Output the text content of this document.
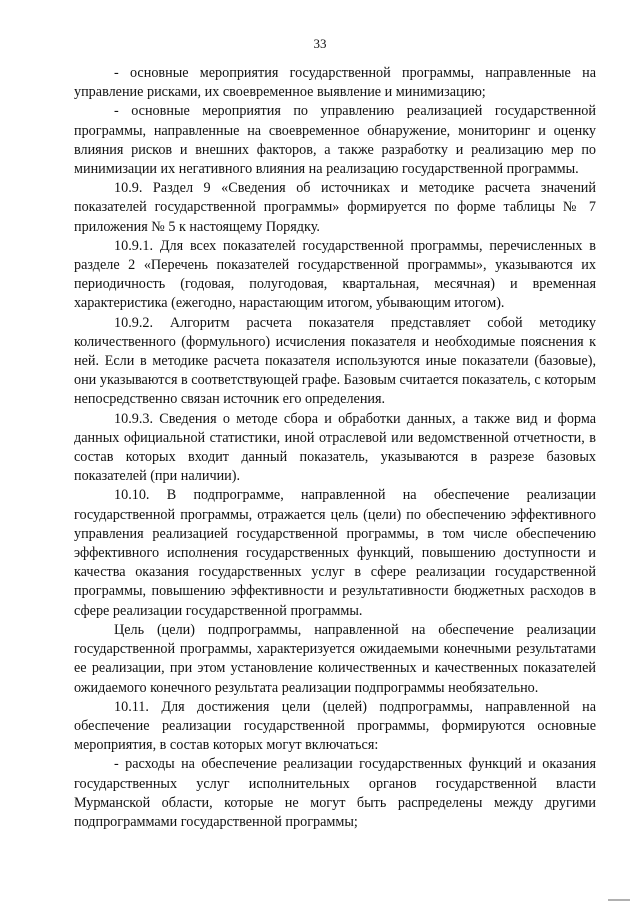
33

- основные мероприятия государственной программы, направленные на управление рисками, их своевременное выявление и минимизацию;

- основные мероприятия по управлению реализацией государственной программы, направленные на своевременное обнаружение, мониторинг и оценку влияния рисков и внешних факторов, а также разработку и реализацию мер по минимизации их негативного влияния на реализацию государственной программы.

10.9. Раздел 9 «Сведения об источниках и методике расчета значений показателей государственной программы» формируется по форме таблицы № 7 приложения № 5 к настоящему Порядку.

10.9.1. Для всех показателей государственной программы, перечисленных в разделе 2 «Перечень показателей государственной программы», указываются их периодичность (годовая, полугодовая, квартальная, месячная) и временная характеристика (ежегодно, нарастающим итогом, убывающим итогом).

10.9.2. Алгоритм расчета показателя представляет собой методику количественного (формульного) исчисления показателя и необходимые пояснения к ней. Если в методике расчета показателя используются иные показатели (базовые), они указываются в соответствующей графе. Базовым считается показатель, с которым непосредственно связан источник его определения.

10.9.3. Сведения о методе сбора и обработки данных, а также вид и форма данных официальной статистики, иной отраслевой или ведомственной отчетности, в состав которых входит данный показатель, указываются в разрезе базовых показателей (при наличии).

10.10. В подпрограмме, направленной на обеспечение реализации государственной программы, отражается цель (цели) по обеспечению эффективного управления реализацией государственной программы, в том числе обеспечению эффективного исполнения государственных функций, повышению доступности и качества оказания государственных услуг в сфере реализации государственной программы, повышению эффективности и результативности бюджетных расходов в сфере реализации государственной программы.

Цель (цели) подпрограммы, направленной на обеспечение реализации государственной программы, характеризуется ожидаемыми конечными результатами ее реализации, при этом установление количественных и качественных показателей ожидаемого конечного результата реализации подпрограммы необязательно.

10.11. Для достижения цели (целей) подпрограммы, направленной на обеспечение реализации государственной программы, формируются основные мероприятия, в состав которых могут включаться:

- расходы на обеспечение реализации государственных функций и оказания государственных услуг исполнительных органов государственной власти Мурманской области, которые не могут быть распределены между другими подпрограммами государственной программы;
